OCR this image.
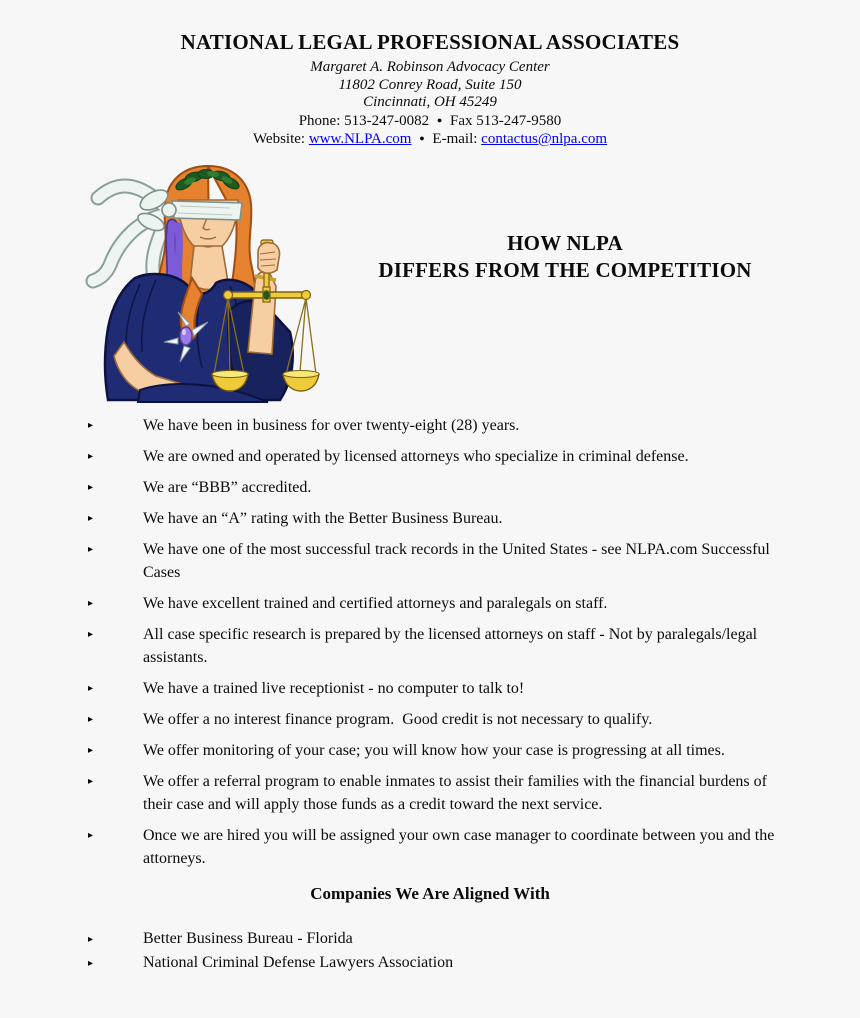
NATIONAL LEGAL PROFESSIONAL ASSOCIATES

Margaret A. Robinson Advocacy Center

11802 Conrey Road, Suite 150

Cincinnati, OH 45249

Phone: 513-247-0082 ● Fax 513-247-9580

Website: www.NLPA.com ● E-mail: contactus@nlpa.com

HOW NLPA
DIFFERS FROM THE COMPETITION
▸	We have been in business for over twenty-eight (28) years.
▸	We are owned and operated by licensed attorneys who specialize in criminal defense.
▸	We are “BBB” accredited.
▸	We have an “A” rating with the Better Business Bureau.
▸	We have one of the most successful track records in the United States - see NLPA.com Successful Cases
▸	We have excellent trained and certified attorneys and paralegals on staff.
▸	All case specific research is prepared by the licensed attorneys on staff - Not by paralegals/legal assistants.
▸	We have a trained live receptionist - no computer to talk to!
▸	We offer a no interest finance program.  Good credit is not necessary to qualify.
▸	We offer monitoring of your case; you will know how your case is progressing at all times.
▸	We offer a referral program to enable inmates to assist their families with the financial burdens of their case and will apply those funds as a credit toward the next service.
▸	Once we are hired you will be assigned your own case manager to coordinate between you and the attorneys.
Companies We Are Aligned With
▸	Better Business Bureau - Florida
▸	National Criminal Defense Lawyers Association
